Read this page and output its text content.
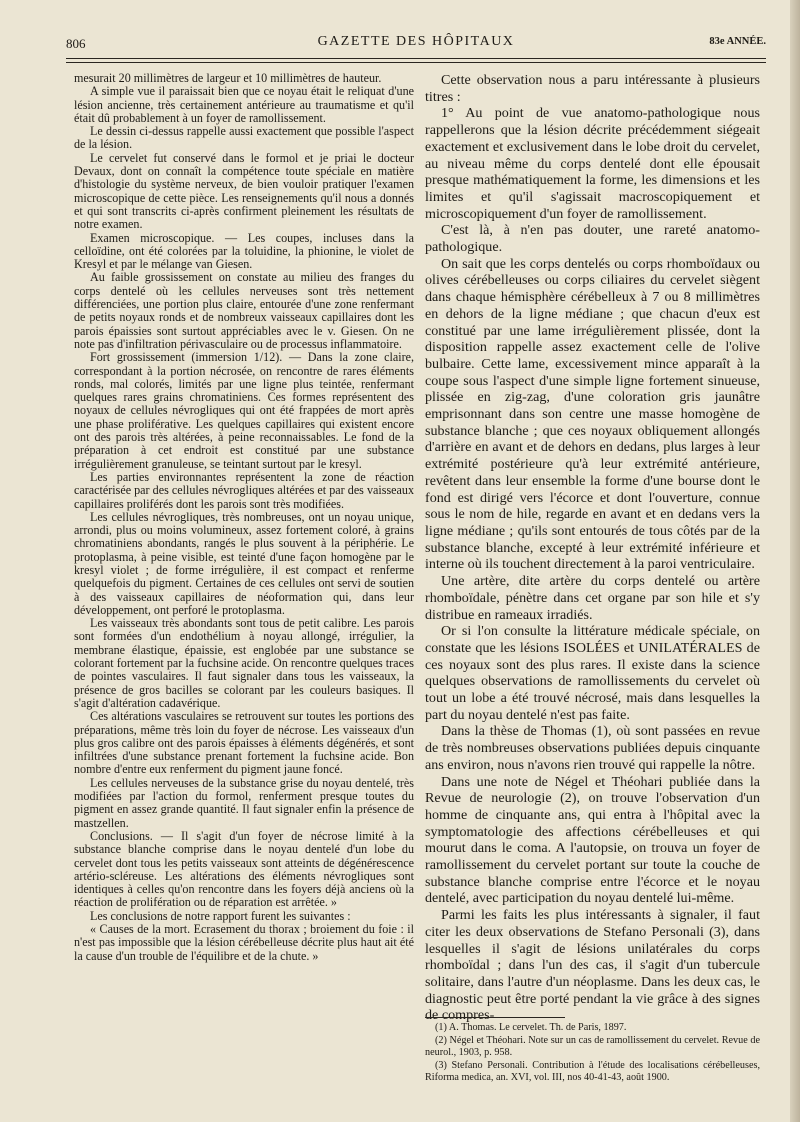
806	GAZETTE DES HÔPITAUX	83e ANNÉE.

mesurait 20 millimètres de largeur et 10 millimètres de hauteur.

A simple vue il paraissait bien que ce noyau était le reliquat d'une lésion ancienne, très certainement antérieure au traumatisme et qu'il était dû probablement à un foyer de ramollissement.

Le dessin ci-dessus rappelle aussi exactement que possible l'aspect de la lésion.

Le cervelet fut conservé dans le formol et je priai le docteur Devaux, dont on connaît la compétence toute spéciale en matière d'histologie du système nerveux, de bien vouloir pratiquer l'examen microscopique de cette pièce. Les renseignements qu'il nous a donnés et qui sont transcrits ci-après confirment pleinement les résultats de notre examen.

Examen microscopique. — Les coupes, incluses dans la celloïdine, ont été colorées par la toluidine, la phionine, le violet de Kresyl et par le mélange van Giesen.

Au faible grossissement on constate au milieu des franges du corps dentelé où les cellules nerveuses sont très nettement différenciées, une portion plus claire, entourée d'une zone renfermant de petits noyaux ronds et de nombreux vaisseaux capillaires dont les parois épaissies sont surtout appréciables avec le v. Giesen. On ne note pas d'infiltration périvasculaire ou de processus inflammatoire.

Fort grossissement (immersion 1/12). — Dans la zone claire, correspondant à la portion nécrosée, on rencontre de rares éléments ronds, mal colorés, limités par une ligne plus teintée, renfermant quelques rares grains chromatiniens. Ces formes représentent des noyaux de cellules névrogliques qui ont été frappées de mort après une phase proliférative. Les quelques capillaires qui existent encore ont des parois très altérées, à peine reconnaissables. Le fond de la préparation à cet endroit est constitué par une substance irrégulièrement granuleuse, se teintant surtout par le kresyl.

Les parties environnantes représentent la zone de réaction caractérisée par des cellules névrogliques altérées et par des vaisseaux capillaires proliférés dont les parois sont très modifiées.

Les cellules névrogliques, très nombreuses, ont un noyau unique, arrondi, plus ou moins volumineux, assez fortement coloré, à grains chromatiniens abondants, rangés le plus souvent à la périphérie. Le protoplasma, à peine visible, est teinté d'une façon homogène par le kresyl violet ; de forme irrégulière, il est compact et renferme quelquefois du pigment. Certaines de ces cellules ont servi de soutien à des vaisseaux capillaires de néoformation qui, dans leur développement, ont perforé le protoplasma.

Les vaisseaux très abondants sont tous de petit calibre. Les parois sont formées d'un endothélium à noyau allongé, irrégulier, la membrane élastique, épaissie, est englobée par une substance se colorant fortement par la fuchsine acide. On rencontre quelques traces de pointes vasculaires. Il faut signaler dans tous les vaisseaux, la présence de gros bacilles se colorant par les couleurs basiques. Il s'agit d'altération cadavérique.

Ces altérations vasculaires se retrouvent sur toutes les portions des préparations, même très loin du foyer de nécrose. Les vaisseaux d'un plus gros calibre ont des parois épaisses à éléments dégénérés, et sont infiltrées d'une substance prenant fortement la fuchsine acide. Bon nombre d'entre eux renferment du pigment jaune foncé.

Les cellules nerveuses de la substance grise du noyau dentelé, très modifiées par l'action du formol, renferment presque toutes du pigment en assez grande quantité. Il faut signaler enfin la présence de mastzellen.

Conclusions. — Il s'agit d'un foyer de nécrose limité à la substance blanche comprise dans le noyau dentelé d'un lobe du cervelet dont tous les petits vaisseaux sont atteints de dégénérescence artério-scléreuse. Les altérations des éléments névrogliques sont identiques à celles qu'on rencontre dans les foyers déjà anciens où la réaction de prolifération ou de réparation est arrêtée. »

Les conclusions de notre rapport furent les suivantes :

« Causes de la mort. Ecrasement du thorax ; broiement du foie : il n'est pas impossible que la lésion cérébelleuse décrite plus haut ait été la cause d'un trouble de l'équilibre et de la chute. »

Cette observation nous a paru intéressante à plusieurs titres :

1° Au point de vue anatomo-pathologique nous rappellerons que la lésion décrite précédemment siégeait exactement et exclusivement dans le lobe droit du cervelet, au niveau même du corps dentelé dont elle épousait presque mathématiquement la forme, les dimensions et les limites et qu'il s'agissait macroscopiquement et microscopiquement d'un foyer de ramollissement.

C'est là, à n'en pas douter, une rareté anatomo-pathologique.

On sait que les corps dentelés ou corps rhomboïdaux ou olives cérébelleuses ou corps ciliaires du cervelet siègent dans chaque hémisphère cérébelleux à 7 ou 8 millimètres en dehors de la ligne médiane ; que chacun d'eux est constitué par une lame irrégulièrement plissée, dont la disposition rappelle assez exactement celle de l'olive bulbaire. Cette lame, excessivement mince apparaît à la coupe sous l'aspect d'une simple ligne fortement sinueuse, plissée en zig-zag, d'une coloration gris jaunâtre emprisonnant dans son centre une masse homogène de substance blanche ; que ces noyaux obliquement allongés d'arrière en avant et de dehors en dedans, plus larges à leur extrémité postérieure qu'à leur extrémité antérieure, revêtent dans leur ensemble la forme d'une bourse dont le fond est dirigé vers l'écorce et dont l'ouverture, connue sous le nom de hile, regarde en avant et en dedans vers la ligne médiane ; qu'ils sont entourés de tous côtés par de la substance blanche, excepté à leur extrémité inférieure et interne où ils touchent directement à la paroi ventriculaire.

Une artère, dite artère du corps dentelé ou artère rhomboïdale, pénètre dans cet organe par son hile et s'y distribue en rameaux irradiés.

Or si l'on consulte la littérature médicale spéciale, on constate que les lésions ISOLÉES et UNILATÉRALES de ces noyaux sont des plus rares. Il existe dans la science quelques observations de ramollissements du cervelet où tout un lobe a été trouvé nécrosé, mais dans lesquelles la part du noyau dentelé n'est pas faite.

Dans la thèse de Thomas (1), où sont passées en revue de très nombreuses observations publiées depuis cinquante ans environ, nous n'avons rien trouvé qui rappelle la nôtre.

Dans une note de Négel et Théohari publiée dans la Revue de neurologie (2), on trouve l'observation d'un homme de cinquante ans, qui entra à l'hôpital avec la symptomatologie des affections cérébelleuses et qui mourut dans le coma. A l'autopsie, on trouva un foyer de ramollissement du cervelet portant sur toute la couche de substance blanche comprise entre l'écorce et le noyau dentelé, avec participation du noyau dentelé lui-même.

Parmi les faits les plus intéressants à signaler, il faut citer les deux observations de Stefano Personali (3), dans lesquelles il s'agit de lésions unilatérales du corps rhomboïdal ; dans l'un des cas, il s'agit d'un tubercule solitaire, dans l'autre d'un néoplasme. Dans les deux cas, le diagnostic peut être porté pendant la vie grâce à des signes de compres-

(1) A. Thomas. Le cervelet. Th. de Paris, 1897.

(2) Négel et Théohari. Note sur un cas de ramollissement du cervelet. Revue de neurol., 1903, p. 958.

(3) Stefano Personali. Contribution à l'étude des localisations cérébelleuses, Riforma medica, an. XVI, vol. III, nos 40-41-43, août 1900.
